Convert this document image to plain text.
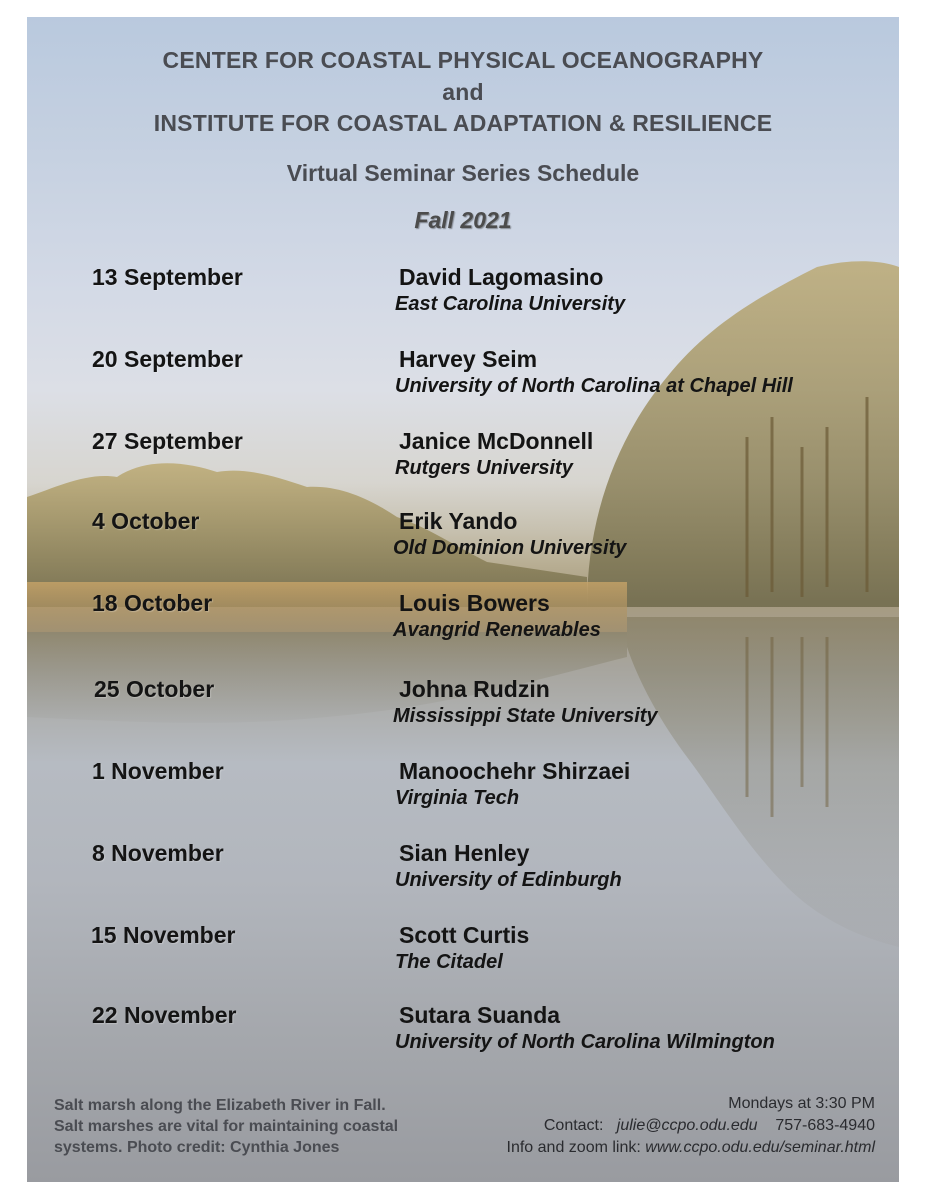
CENTER FOR COASTAL PHYSICAL OCEANOGRAPHY
and
INSTITUTE FOR COASTAL ADAPTATION & RESILIENCE
Virtual Seminar Series Schedule
Fall 2021
13 September	David Lagomasino
East Carolina University
20 September	Harvey Seim
University of North Carolina at Chapel Hill
27 September	Janice McDonnell
Rutgers University
4 October	Erik Yando
Old Dominion University
18 October	Louis Bowers
Avangrid Renewables
25 October	Johna Rudzin
Mississippi State University
1 November	Manoochehr Shirzaei
Virginia Tech
8 November	Sian Henley
University of Edinburgh
15 November	Scott Curtis
The Citadel
22 November	Sutara Suanda
University of North Carolina Wilmington
Salt marsh along the Elizabeth River in Fall.
Salt marshes are vital for maintaining coastal
systems. Photo credit: Cynthia Jones
Mondays at 3:30 PM
Contact: julie@ccpo.odu.edu 757-683-4940
Info and zoom link: www.ccpo.odu.edu/seminar.html
